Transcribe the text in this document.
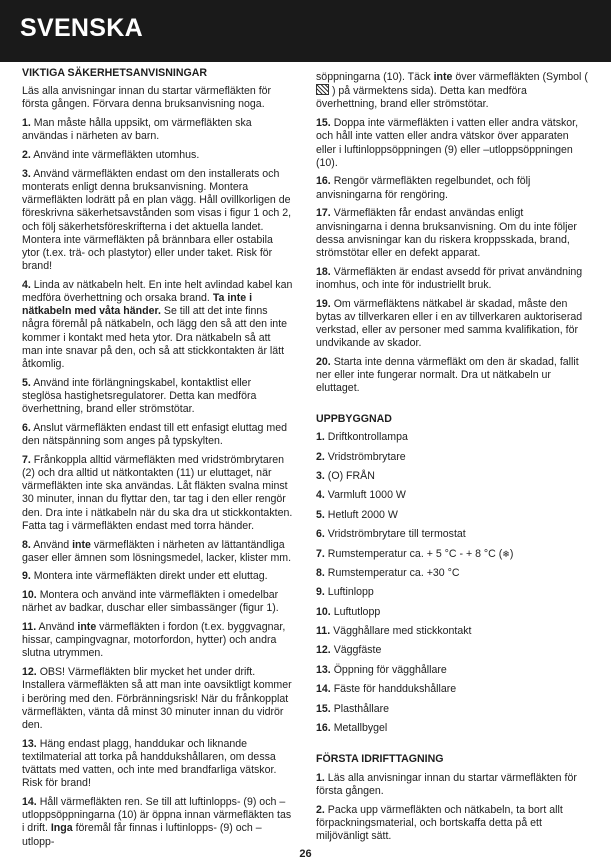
SVENSKA
VIKTIGA SÄKERHETSANVISNINGAR

Läs alla anvisningar innan du startar värmefläkten för första gången. Förvara denna bruksanvisning noga.

1. Man måste hålla uppsikt, om värmefläkten ska användas i närheten av barn.

2. Använd inte värmefläkten utomhus.

3. Använd värmefläkten endast om den installerats och monterats enligt denna bruksanvisning. Montera värmefläkten lodrätt på en plan vägg. Håll ovillkorligen de föreskrivna säkerhetsavstånden som visas i figur 1 och 2, och följ säkerhetsföreskrifterna i det aktuella landet. Montera inte värmefläkten på brännbara eller ostabila ytor (t.ex. trä- och plastytor) eller under taket. Risk för brand!

4. Linda av nätkabeln helt. En inte helt avlindad kabel kan medföra överhettning och orsaka brand. Ta inte i nätkabeln med våta händer. Se till att det inte finns några föremål på nätkabeln, och lägg den så att den inte kommer i kontakt med heta ytor. Dra nätkabeln så att man inte snavar på den, och så att stickkontakten är lätt åtkomlig.

5. Använd inte förlängningskabel, kontaktlist eller steglösa hastighetsregulatorer. Detta kan medföra överhettning, brand eller strömstötar.

6. Anslut värmefläkten endast till ett enfasigt eluttag med den nätspänning som anges på typskylten.

7. Frånkoppla alltid värmefläkten med vridströmbrytaren (2) och dra alltid ut nätkontakten (11) ur eluttaget, när värmefläkten inte ska användas. Låt fläkten svalna minst 30 minuter, innan du flyttar den, tar tag i den eller rengör den. Dra inte i nätkabeln när du ska dra ut stickkontakten. Fatta tag i värmefläkten endast med torra händer.

8. Använd inte värmefläkten i närheten av lättantändliga gaser eller ämnen som lösningsmedel, lacker, klister mm.

9. Montera inte värmefläkten direkt under ett eluttag.

10. Montera och använd inte värmefläkten i omedelbar närhet av badkar, duschar eller simbassänger (figur 1).

11. Använd inte värmefläkten i fordon (t.ex. byggvagnar, hissar, campingvagnar, motorfordon, hytter) och andra slutna utrymmen.

12. OBS! Värmefläkten blir mycket het under drift. Installera värmefläkten så att man inte oavsiktligt kommer i beröring med den. Förbränningsrisk! När du frånkopplat värmefläkten, vänta då minst 30 minuter innan du vidrör den.

13. Häng endast plagg, handdukar och liknande textilmaterial att torka på handdukshållaren, om dessa tvättats med vatten, och inte med brandfarliga vätskor. Risk för brand!

14. Håll värmefläkten ren. Se till att luftinlopps- (9) och –utloppsöppningarna (10) är öppna innan värmefläkten tas i drift. Inga föremål får finnas i luftinlopps- (9) och –utlopp-

söppningarna (10). Täck inte över värmefläkten (Symbol (  ) på värmektens sida). Detta kan medföra överhettning, brand eller strömstötar.

15. Doppa inte värmefläkten i vatten eller andra vätskor, och håll inte vatten eller andra vätskor över apparaten eller i luftinloppsöppningen (9) eller –utloppsöppningen (10).

16. Rengör värmefläkten regelbundet, och följ anvisningarna för rengöring.

17. Värmefläkten får endast användas enligt anvisningarna i denna bruksanvisning. Om du inte följer dessa anvisningar kan du riskera kroppsskada, brand, strömstötar eller en defekt apparat.

18. Värmefläkten är endast avsedd för privat användning inomhus, och inte för industriellt bruk.

19. Om värmefläktens nätkabel är skadad, måste den bytas av tillverkaren eller i en av tillverkaren auktoriserad verkstad, eller av personer med samma kvalifikation, för undvikande av skador.

20. Starta inte denna värmefläkt om den är skadad, fallit ner eller inte fungerar normalt. Dra ut nätkabeln ur eluttaget.

UPPBYGGNAD

1. Driftkontrollampa

2. Vridströmbrytare

3. (O) FRÅN

4. Varmluft 1000 W

5. Hetluft 2000 W

6. Vridströmbrytare till termostat

7. Rumstemperatur ca. + 5 °C - + 8 °C (❄)

8. Rumstemperatur ca. +30 °C

9. Luftinlopp

10. Luftutlopp

11. Vägghållare med stickkontakt

12. Väggfäste

13. Öppning för vägghållare

14. Fäste för handdukshållare

15. Plasthållare

16. Metallbygel

FÖRSTA IDRIFTTAGNING

1. Läs alla anvisningar innan du startar värmefläkten för första gången.

2. Packa upp värmefläkten och nätkabeln, ta bort allt förpackningsmaterial, och bortskaffa detta på ett miljövänligt sätt.

26
